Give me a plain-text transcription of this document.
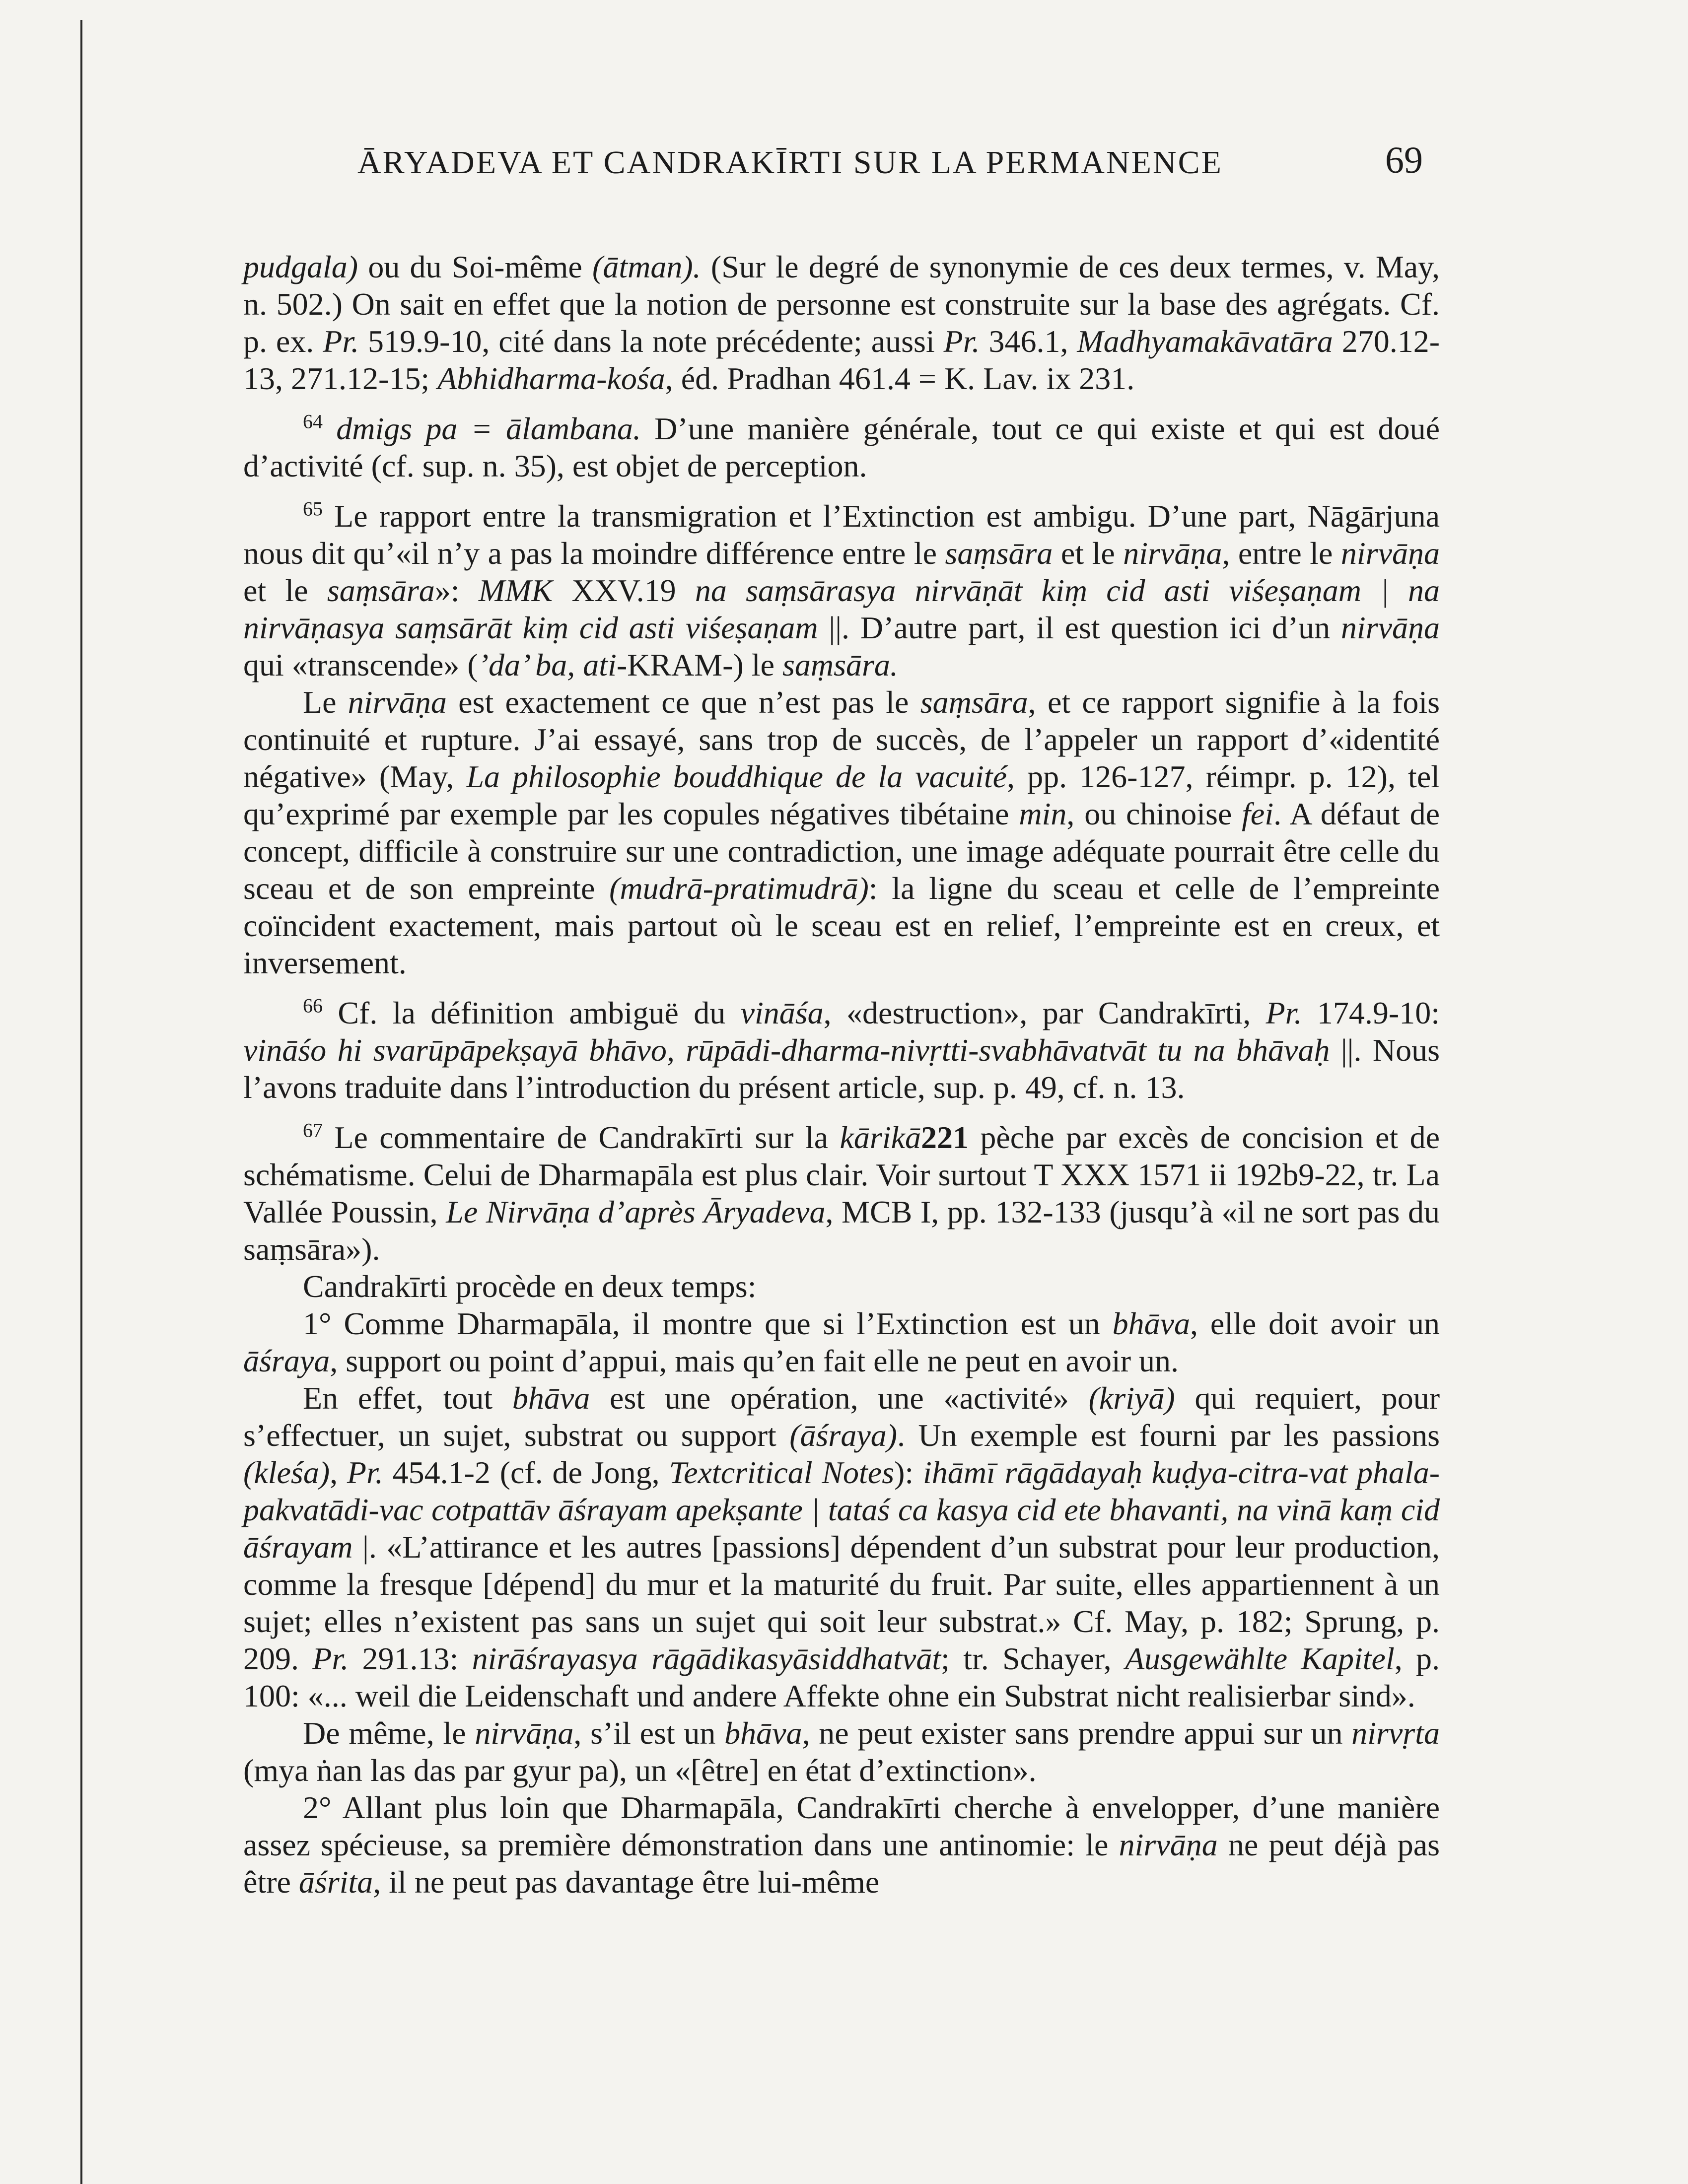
ĀRYADEVA ET CANDRAKĪRTI SUR LA PERMANENCE	69

pudgala) ou du Soi-même (ātman). (Sur le degré de synonymie de ces deux termes, v. May, n. 502.) On sait en effet que la notion de personne est construite sur la base des agrégats. Cf. p. ex. Pr. 519.9-10, cité dans la note précédente; aussi Pr. 346.1, Madhyamakāvatāra 270.12-13, 271.12-15; Abhidharma-kośa, éd. Pradhan 461.4 = K. Lav. ix 231.

$^{64}$ dmigs pa = ālambana. D’une manière générale, tout ce qui existe et qui est doué d’activité (cf. sup. n. 35), est objet de perception.

$^{65}$ Le rapport entre la transmigration et l’Extinction est ambigu. D’une part, Nāgārjuna nous dit qu’«il n’y a pas la moindre différence entre le saṃsāra et le nirvāṇa, entre le nirvāṇa et le saṃsāra»: MMK XXV.19 na saṃsārasya nirvāṇāt kiṃ cid asti viśeṣaṇam | na nirvāṇasya saṃsārāt kiṃ cid asti viśeṣaṇam ||. D’autre part, il est question ici d’un nirvāṇa qui «transcende» (’da’ ba, ati-KRAM-) le saṃsāra.

Le nirvāṇa est exactement ce que n’est pas le saṃsāra, et ce rapport signifie à la fois continuité et rupture. J’ai essayé, sans trop de succès, de l’appeler un rapport d’«identité négative» (May, La philosophie bouddhique de la vacuité, pp. 126-127, réimpr. p. 12), tel qu’exprimé par exemple par les copules négatives tibétaine min, ou chinoise fei. A défaut de concept, difficile à construire sur une contradiction, une image adéquate pourrait être celle du sceau et de son empreinte (mudrā-pratimudrā): la ligne du sceau et celle de l’empreinte coïncident exactement, mais partout où le sceau est en relief, l’empreinte est en creux, et inversement.

$^{66}$ Cf. la définition ambiguë du vināśa, «destruction», par Candrakīrti, Pr. 174.9-10: vināśo hi svarūpāpekṣayā bhāvo, rūpādi-dharma-nivṛtti-svabhāvatvāt tu na bhāvaḥ ||. Nous l’avons traduite dans l’introduction du présent article, sup. p. 49, cf. n. 13.

$^{67}$ Le commentaire de Candrakīrti sur la kārikā221 pèche par excès de concision et de schématisme. Celui de Dharmapāla est plus clair. Voir surtout T XXX 1571 ii 192b9-22, tr. La Vallée Poussin, Le Nirvāṇa d’après Āryadeva, MCB I, pp. 132-133 (jusqu’à «il ne sort pas du saṃsāra»).

Candrakīrti procède en deux temps:

1° Comme Dharmapāla, il montre que si l’Extinction est un bhāva, elle doit avoir un āśraya, support ou point d’appui, mais qu’en fait elle ne peut en avoir un.

En effet, tout bhāva est une opération, une «activité» (kriyā) qui requiert, pour s’effectuer, un sujet, substrat ou support (āśraya). Un exemple est fourni par les passions (kleśa), Pr. 454.1-2 (cf. de Jong, Textcritical Notes): ihāmī rāgādayaḥ kuḍya-citra-vat phala-pakvatādi-vac cotpattāv āśrayam apekṣante | tataś ca kasya cid ete bhavanti, na vinā kaṃ cid āśrayam |. «L’attirance et les autres [passions] dépendent d’un substrat pour leur production, comme la fresque [dépend] du mur et la maturité du fruit. Par suite, elles appartiennent à un sujet; elles n’existent pas sans un sujet qui soit leur substrat.» Cf. May, p. 182; Sprung, p. 209. Pr. 291.13: nirāśrayasya rāgādikasyāsiddhatvāt; tr. Schayer, Ausgewählte Kapitel, p. 100: «... weil die Leidenschaft und andere Affekte ohne ein Substrat nicht realisierbar sind».

De même, le nirvāṇa, s’il est un bhāva, ne peut exister sans prendre appui sur un nirvṛta (mya ṅan las das par gyur pa), un «[être] en état d’extinction».

2° Allant plus loin que Dharmapāla, Candrakīrti cherche à envelopper, d’une manière assez spécieuse, sa première démonstration dans une antinomie: le nirvāṇa ne peut déjà pas être āśrita, il ne peut pas davantage être lui-même
